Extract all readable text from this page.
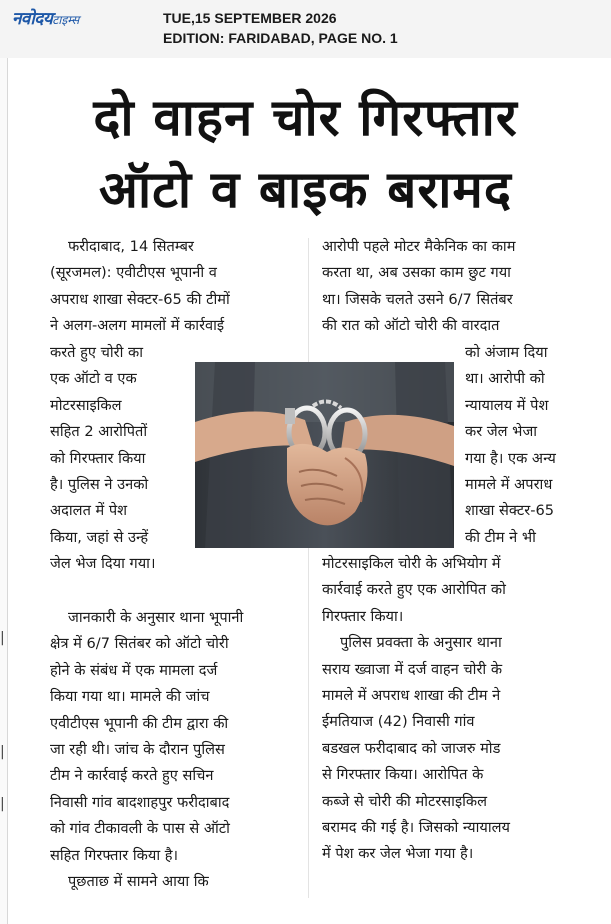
नवोदयटाइम्स	TUE,15 SEPTEMBER 2026
EDITION: FARIDABAD, PAGE NO. 1
दो वाहन चोर गिरफ्तार
ऑटो व बाइक बरामद
फरीदाबाद, 14 सितम्बर
(सूरजमल): एवीटीएस भूपानी व
अपराध शाखा सेक्टर-65 की टीमों
ने अलग-अलग मामलों में कार्रवाई
करते हुए चोरी का
एक ऑटो व एक
मोटरसाइकिल
सहित 2 आरोपितों
को गिरफ्तार किया
है। पुलिस ने उनको
अदालत में पेश
किया, जहां से उन्हें
जेल भेज दिया गया।
जानकारी के अनुसार थाना भूपानी
क्षेत्र में 6/7 सितंबर को ऑटो चोरी
होने के संबंध में एक मामला दर्ज
किया गया था। मामले की जांच
एवीटीएस भूपानी की टीम द्वारा की
जा रही थी। जांच के दौरान पुलिस
टीम ने कार्रवाई करते हुए सचिन
निवासी गांव बादशाहपुर फरीदाबाद
को गांव टीकावली के पास से ऑटो
सहित गिरफ्तार किया है।
पूछताछ में सामने आया कि
आरोपी पहले मोटर मैकेनिक का काम
करता था, अब उसका काम छुट गया
था। जिसके चलते उसने 6/7 सितंबर
की रात को ऑटो चोरी की वारदात
को अंजाम दिया
था। आरोपी को
न्यायालय में पेश
कर जेल भेजा
गया है। एक अन्य
मामले में अपराध
शाखा सेक्टर-65
की टीम ने भी
मोटरसाइकिल चोरी के अभियोग में
कार्रवाई करते हुए एक आरोपित को
गिरफ्तार किया।
पुलिस प्रवक्ता के अनुसार थाना
सराय ख्वाजा में दर्ज वाहन चोरी के
मामले में अपराध शाखा की टीम ने
ईमतियाज (42) निवासी गांव
बडखल फरीदाबाद को जाजरु मोड
से गिरफ्तार किया। आरोपित के
कब्जे से चोरी की मोटरसाइकिल
बरामद की गई है। जिसको न्यायालय
में पेश कर जेल भेजा गया है।
|
|
|
